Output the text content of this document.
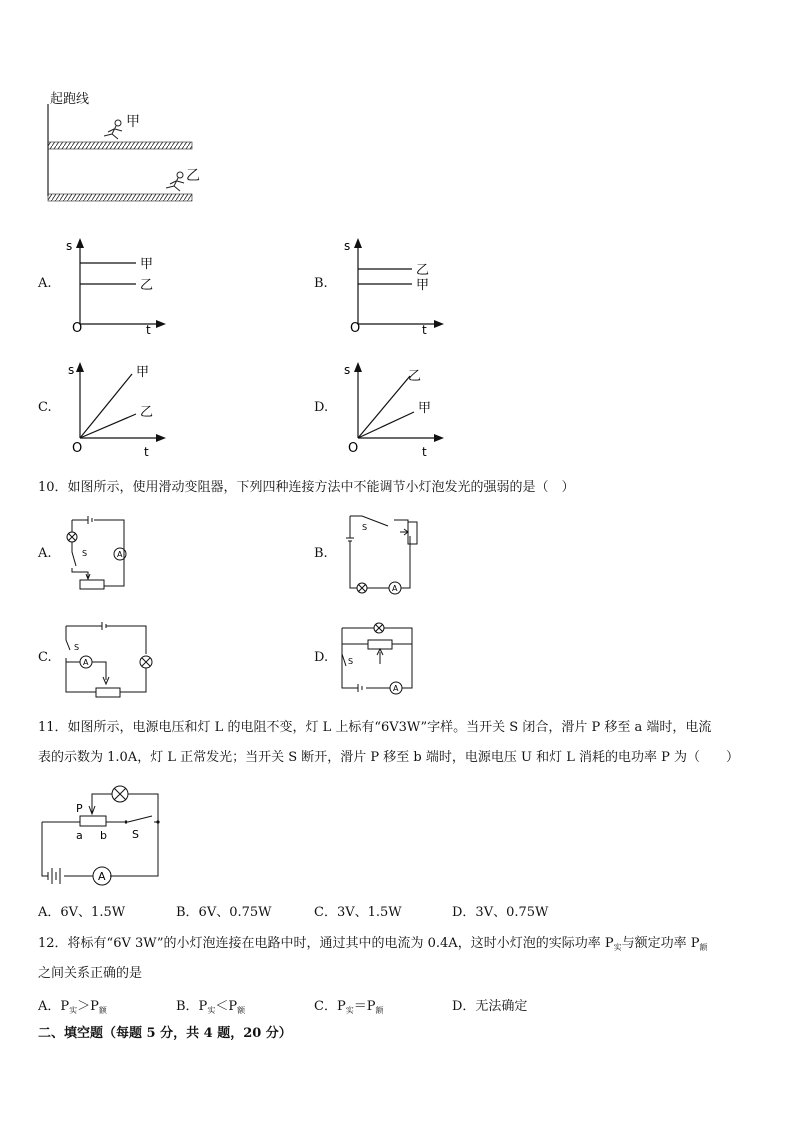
起跑线
甲
乙
A.
s
O	t
甲
乙	B.
s
O	t
乙
甲
C.
s
O	t
甲
乙	D.
s
O	t
乙
甲
10．如图所示，使用滑动变阻器，下列四种连接方法中不能调节小灯泡发光的强弱的是（　）
A.	S	A	B.
S
A
C.
S
A	D. S
A
11．如图所示，电源电压和灯 L 的电阻不变，灯 L 上标有“6V3W”字样。当开关 S 闭合，滑片 P 移至 a 端时，电流
表的示数为 1.0A，灯 L 正常发光；当开关 S 断开，滑片 P 移至 b 端时，电源电压 U 和灯 L 消耗的电功率 P 为（　　）
P
a b S
A
A．6V、1.5W	B．6V、0.75W	C．3V、1.5W	D．3V、0.75W
12．将标有“6V 3W”的小灯泡连接在电路中时，通过其中的电流为 0.4A，这时小灯泡的实际功率 $P_实$与额定功率 $P_额$
之间关系正确的是
A．$P_实>P_额$	B．$P_实<P_额$	C．$P_实=P_额$	D．无法确定
二、填空题（每题 5 分，共 4 题，20 分）
